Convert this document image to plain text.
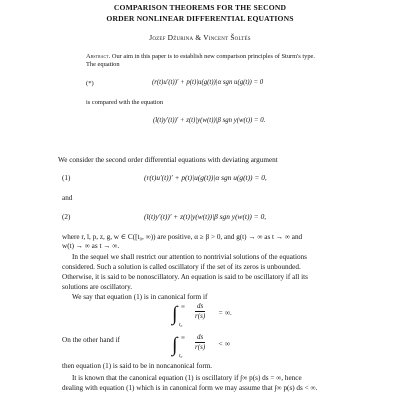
COMPARISON THEOREMS FOR THE SECOND
ORDER NONLINEAR DIFFERENTIAL EQUATIONS
Jozef Džurina & Vincent Šoltés
Abstract. Our aim in this paper is to establish new comparison principles of Sturm's type. The equation
(*)	(r(t)u′(t))′ + p(t)|u(g(t))|α sgn u(g(t)) = 0
is compared with the equation
(l(t)y′(t))′ + z(t)|y(w(t))|β sgn y(w(t)) = 0.
We consider the second order differential equations with deviating argument
(1)	(r(t)u′(t))′ + p(t)|u(g(t))|α sgn u(g(t)) = 0,
and
(2)	(l(t)y′(t))′ + z(t)|y(w(t))|β sgn y(w(t)) = 0,
where r, l, p, z, g, w ∈ C([t₀, ∞)) are positive, α ≥ β > 0, and g(t) → ∞ as t → ∞ and
w(t) → ∞ as t → ∞.
In the sequel we shall restrict our attention to nontrivial solutions of the equations
considered. Such a solution is called oscillatory if the set of its zeros is unbounded.
Otherwise, it is said to be nonoscillatory. An equation is said to be oscillatory if all its
solutions are oscillatory.
We say that equation (1) is in canonical form if
∫ ∞
t₀
$\frac{ds}{r(s)}$ = ∞.
On the other hand if	∫ ∞
t₀
$\frac{ds}{r(s)}$ < ∞
then equation (1) is said to be in noncanonical form.
It is known that the canonical equation (1) is oscillatory if ∫∞ p(s) ds = ∞, hence
dealing with equation (1) which is in canonical form we may assume that ∫∞ p(s) ds < ∞.
